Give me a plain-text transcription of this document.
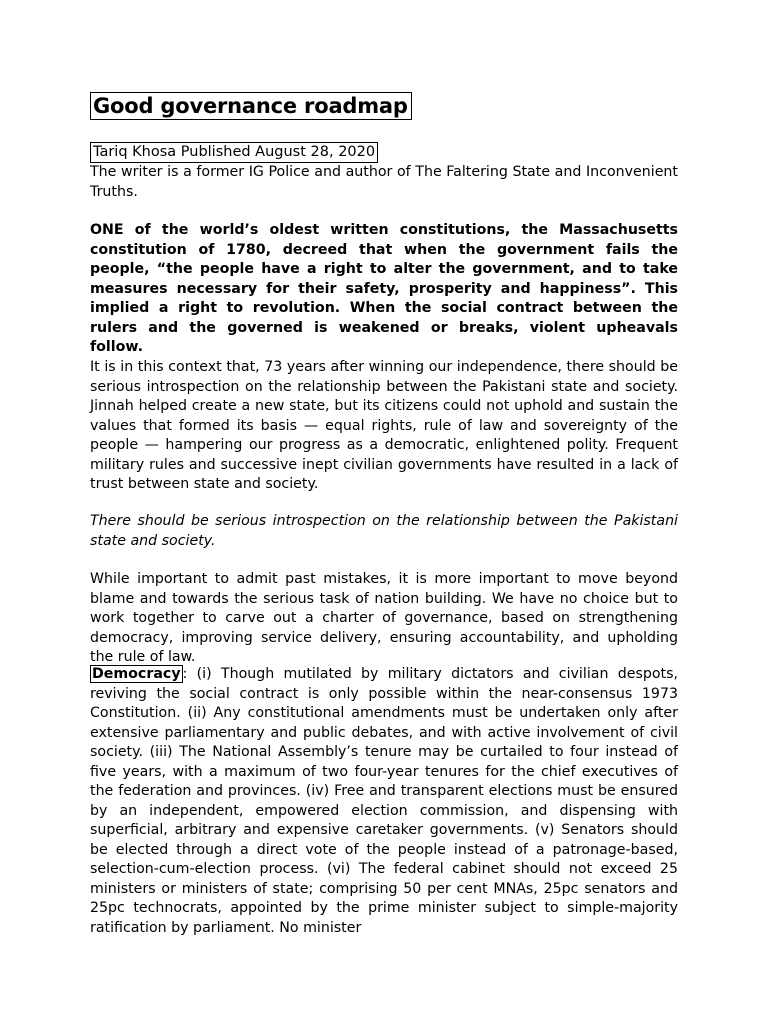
Good governance roadmap
Tariq Khosa Published August 28, 2020

The writer is a former IG Police and author of The Faltering State and Inconvenient Truths.

ONE of the world’s oldest written constitutions, the Massachusetts constitution of 1780, decreed that when the government fails the people, “the people have a right to alter the government, and to take measures necessary for their safety, prosperity and happiness”. This implied a right to revolution. When the social contract between the rulers and the governed is weakened or breaks, violent upheavals follow.

It is in this context that, 73 years after winning our independence, there should be serious introspection on the relationship between the Pakistani state and society. Jinnah helped create a new state, but its citizens could not uphold and sustain the values that formed its basis — equal rights, rule of law and sovereignty of the people — hampering our progress as a democratic, enlightened polity. Frequent military rules and successive inept civilian governments have resulted in a lack of trust between state and society.

There should be serious introspection on the relationship between the Pakistani state and society.

While important to admit past mistakes, it is more important to move beyond blame and towards the serious task of nation building. We have no choice but to work together to carve out a charter of governance, based on strengthening democracy, improving service delivery, ensuring accountability, and upholding the rule of law.

Democracy : (i) Though mutilated by military dictators and civilian despots, reviving the social contract is only possible within the near-consensus 1973 Constitution. (ii) Any constitutional amendments must be undertaken only after extensive parliamentary and public debates, and with active involvement of civil society. (iii) The National Assembly’s tenure may be curtailed to four instead of five years, with a maximum of two four-year tenures for the chief executives of the federation and provinces. (iv) Free and transparent elections must be ensured by an independent, empowered election commission, and dispensing with superficial, arbitrary and expensive caretaker governments. (v) Senators should be elected through a direct vote of the people instead of a patronage-based, selection-cum-election process. (vi) The federal cabinet should not exceed 25 ministers or ministers of state; comprising 50 per cent MNAs, 25pc senators and 25pc technocrats, appointed by the prime minister subject to simple-majority ratification by parliament. No minister
